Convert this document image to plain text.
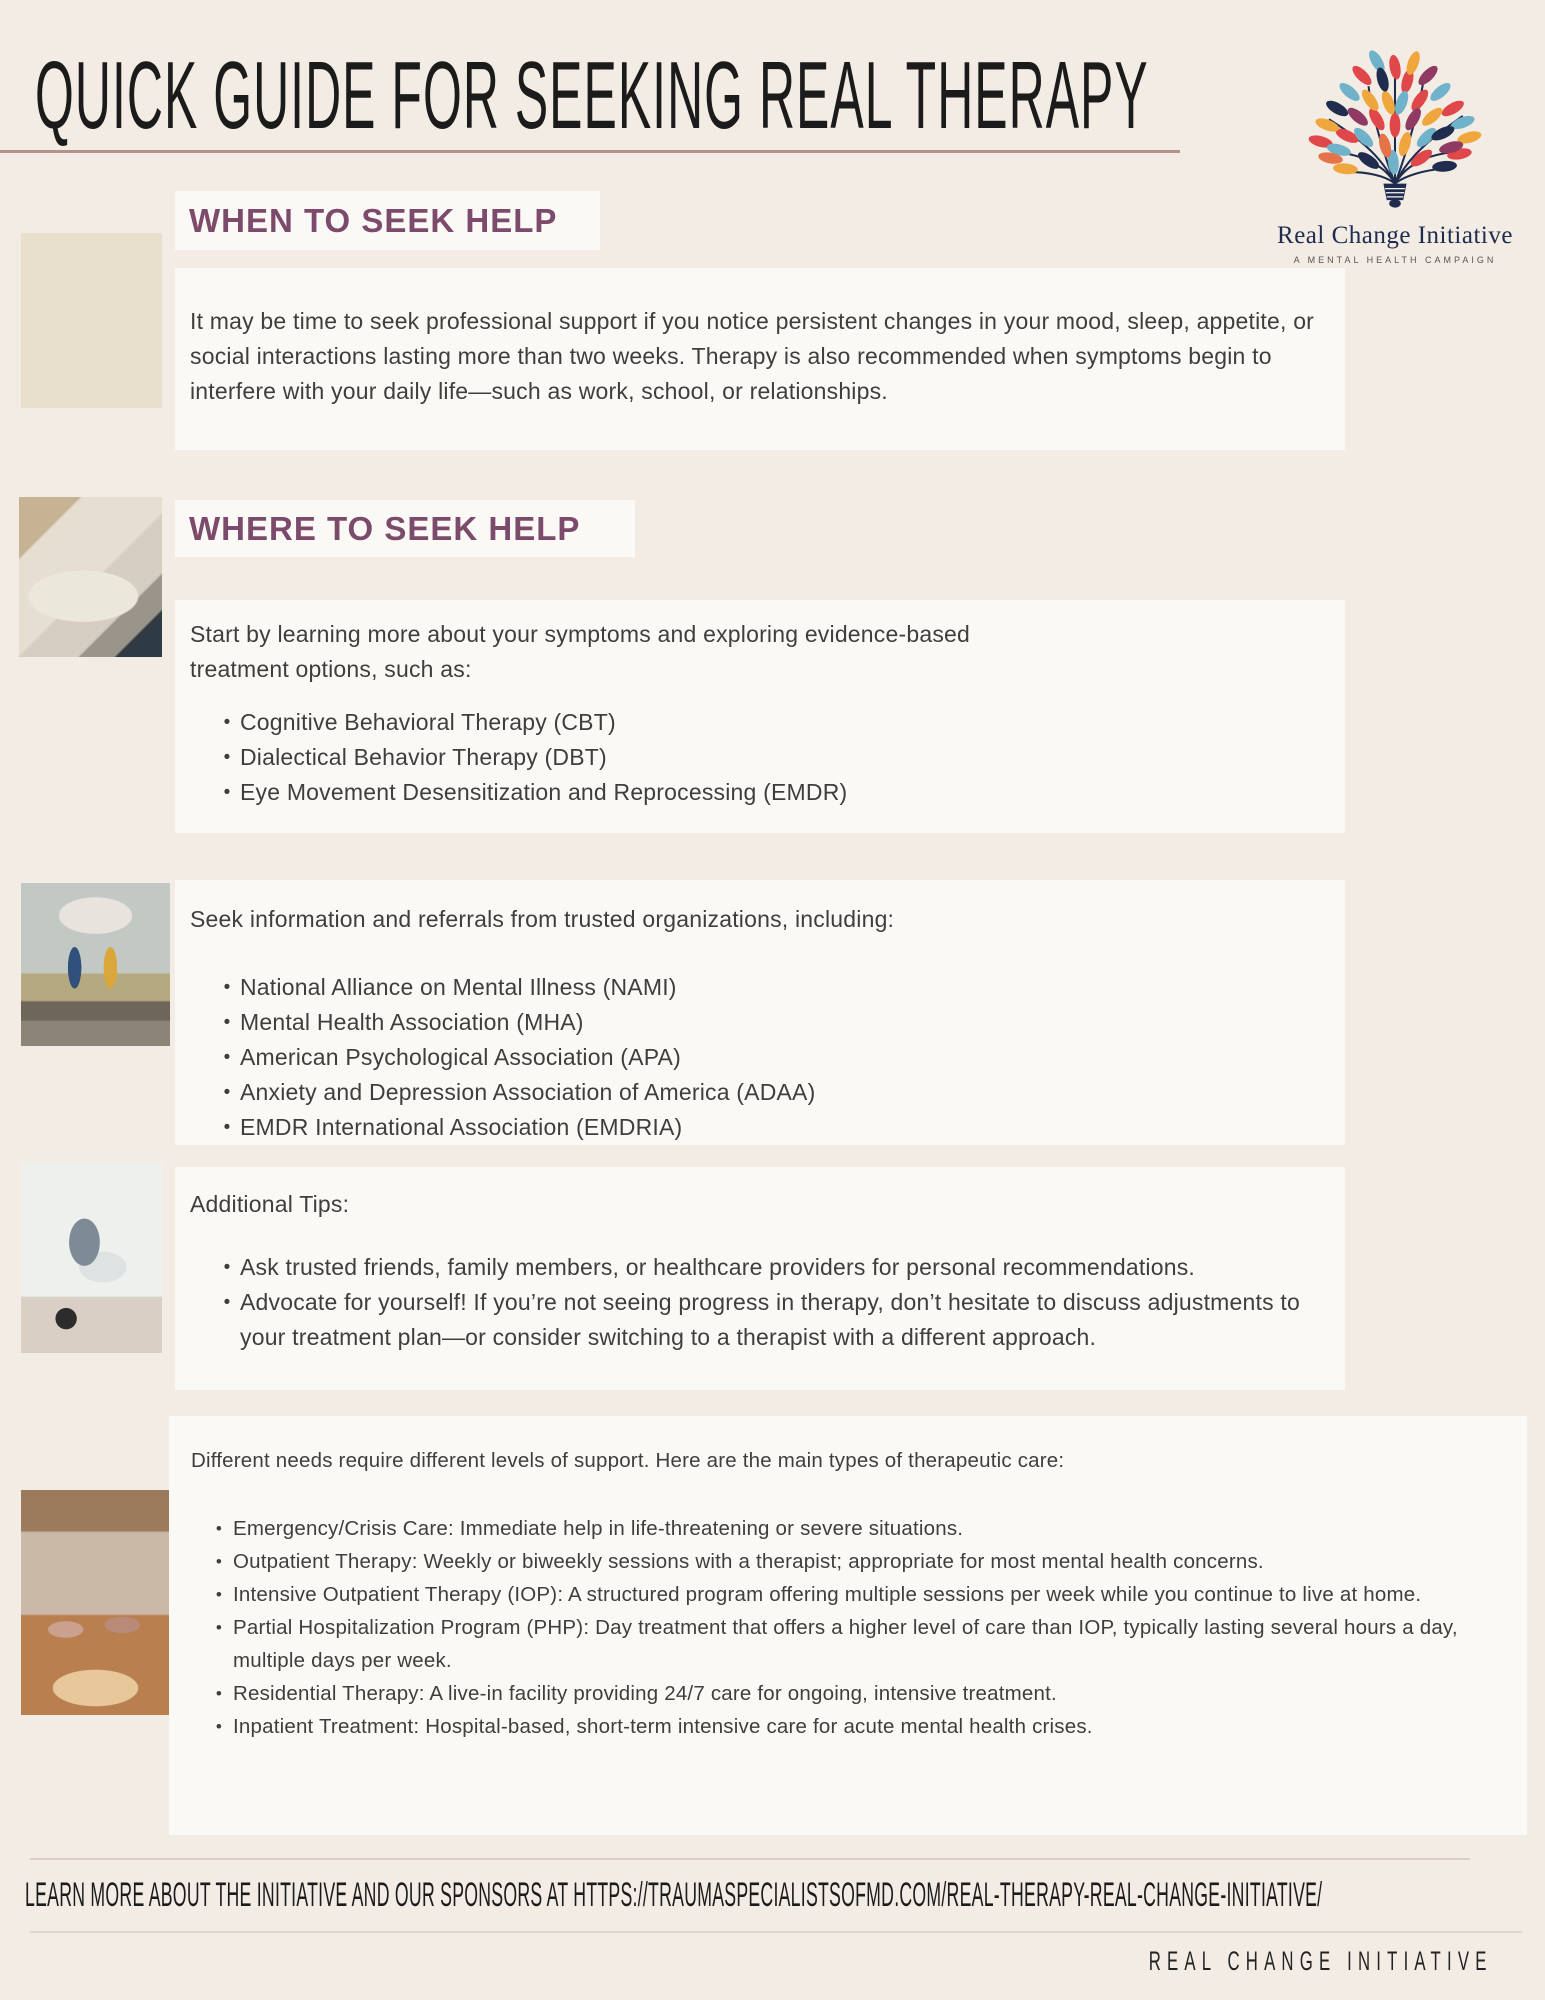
QUICK GUIDE FOR SEEKING REAL THERAPY
Real Change Initiative
A MENTAL HEALTH CAMPAIGN
WHEN TO SEEK HELP
It may be time to seek professional support if you notice persistent changes in your mood, sleep, appetite, or social interactions lasting more than two weeks. Therapy is also recommended when symptoms begin to interfere with your daily life—such as work, school, or relationships.
WHERE TO SEEK HELP
Start by learning more about your symptoms and exploring evidence-based
treatment options, such as:
• Cognitive Behavioral Therapy (CBT)
• Dialectical Behavior Therapy (DBT)
• Eye Movement Desensitization and Reprocessing (EMDR)
Seek information and referrals from trusted organizations, including:
• National Alliance on Mental Illness (NAMI)
• Mental Health Association (MHA)
• American Psychological Association (APA)
• Anxiety and Depression Association of America (ADAA)
• EMDR International Association (EMDRIA)
Additional Tips:
• Ask trusted friends, family members, or healthcare providers for personal recommendations.
• Advocate for yourself! If you’re not seeing progress in therapy, don’t hesitate to discuss adjustments to your treatment plan—or consider switching to a therapist with a different approach.
Different needs require different levels of support. Here are the main types of therapeutic care:
• Emergency/Crisis Care: Immediate help in life-threatening or severe situations.
• Outpatient Therapy: Weekly or biweekly sessions with a therapist; appropriate for most mental health concerns.
• Intensive Outpatient Therapy (IOP): A structured program offering multiple sessions per week while you continue to live at home.
• Partial Hospitalization Program (PHP): Day treatment that offers a higher level of care than IOP, typically lasting several hours a day, multiple days per week.
• Residential Therapy: A live-in facility providing 24/7 care for ongoing, intensive treatment.
• Inpatient Treatment: Hospital-based, short-term intensive care for acute mental health crises.
LEARN MORE ABOUT THE INITIATIVE AND OUR SPONSORS AT HTTPS://TRAUMASPECIALISTSOFMD.COM/REAL-THERAPY-REAL-CHANGE-INITIATIVE/
REAL CHANGE INITIATIVE
